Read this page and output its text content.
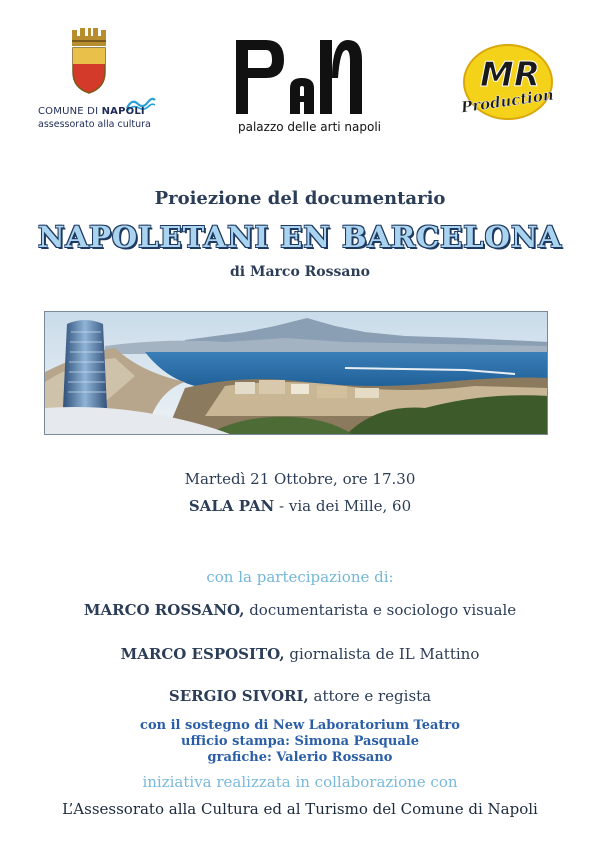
COMUNE DI NAPOLI
assessorato alla cultura	palazzo delle arti napoli
MR
Production
Proiezione del documentario
NAPOLETANI EN BARCELONA
di Marco Rossano
Martedì 21 Ottobre, ore 17.30
SALA PAN - via dei Mille, 60
con la partecipazione di:
MARCO ROSSANO, documentarista e sociologo visuale
MARCO ESPOSITO, giornalista de IL Mattino
SERGIO SIVORI, attore e regista
con il sostegno di New Laboratorium Teatro
ufficio stampa: Simona Pasquale
grafiche: Valerio Rossano
iniziativa realizzata in collaborazione con
L’Assessorato alla Cultura ed al Turismo del Comune di Napoli
